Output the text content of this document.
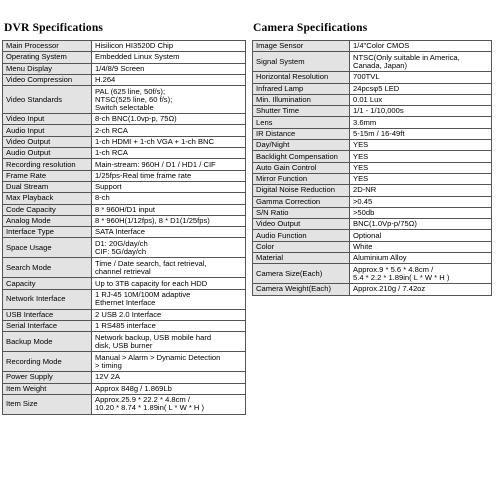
DVR Specifications	Camera Specifications
Main Processor	Hisilicon HI3520D Chip
Operating System	Embedded Linux System
Menu Display	1/4/8/9 Screen
Video Compression	H.264
Video Standards	PAL (625 line, 50f/s);
NTSC(525 line, 60 f/s);
Switch selectable
Video Input	8-ch BNC(1.0vp-p, 75Ω)
Audio Input	2-ch RCA
Video Output	1-ch HDMI + 1-ch VGA + 1-ch BNC
Audio Output	1-ch RCA
Recording resolution	Main-stream: 960H / D1 / HD1 / CIF
Frame Rate	1/25fps-Real time frame rate
Dual Stream	Support
Max Playback	8-ch
Code Capacity	8 * 960H/D1 input
Analog Mode	8 * 960H(1/12fps), 8 * D1(1/25fps)
Interface Type	SATA Interface
Space Usage	D1: 20G/day/ch
CIF: 5G/day/ch
Search Mode	Time / Date search, fact retrieval,
channel retrieval
Capacity	Up to 3TB capacity for each HDD
Network Interface	1 RJ-45 10M/100M adaptive
Ethernet Interface
USB Interface	2 USB 2.0 Interface
Serial Interface	1 RS485 interface
Backup Mode	Network backup, USB mobile hard
disk, USB burner
Recording Mode	Manual > Alarm > Dynamic Detection
> timing
Power Supply	12V 2A
Item Weight	Approx 848g / 1.869Lb
Item Size	Approx.25.9 * 22.2 * 4.8cm /
10.20 * 8.74 * 1.89in( L * W * H )
Image Sensor	1/4"Color CMOS
Signal System	NTSC(Only suitable in America,
Canada, Japan)
Horizontal Resolution	700TVL
Infrared Lamp	24pcsφ5 LED
Min. Illumination	0.01 Lux
Shutter Time	1/1 - 1/10,000s
Lens	3.6mm
IR Distance	5-15m / 16-49ft
Day/Night	YES
Backlight Compensation	YES
Auto Gain Control	YES
Mirror Function	YES
Digital Noise Reduction	2D-NR
Gamma Correction	>0.45
S/N Ratio	>50db
Video Output	BNC(1.0Vp-p/75Ω)
Audio Function	Optional
Color	White
Material	Aluminium Alloy
Camera Size(Each)	Approx.9 * 5.6 * 4.8cm /
5.4 * 2.2 * 1.89in( L * W * H )
Camera Weight(Each)	Approx.210g / 7.42oz
